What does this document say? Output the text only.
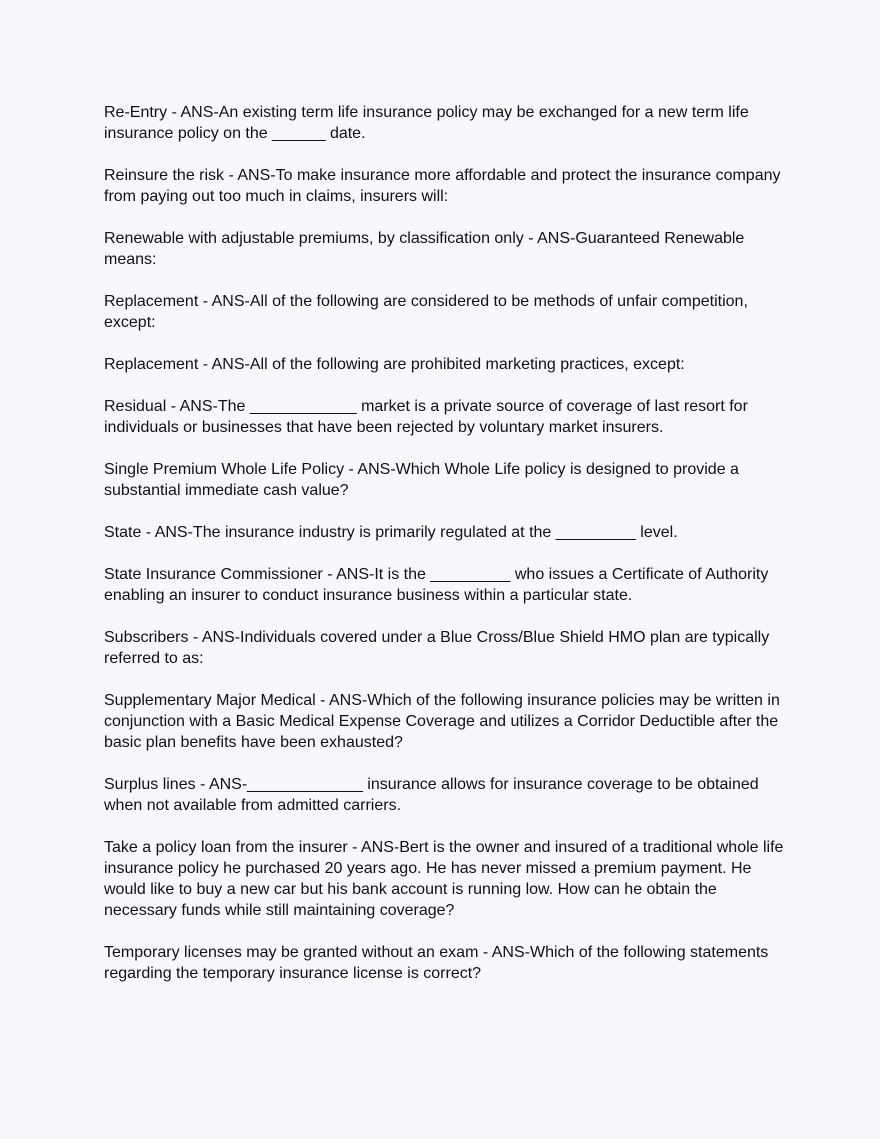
Re-Entry - ANS-An existing term life insurance policy may be exchanged for a new term life
insurance policy on the ______ date.

Reinsure the risk - ANS-To make insurance more affordable and protect the insurance company
from paying out too much in claims, insurers will:

Renewable with adjustable premiums, by classification only - ANS-Guaranteed Renewable
means:

Replacement - ANS-All of the following are considered to be methods of unfair competition,
except:

Replacement - ANS-All of the following are prohibited marketing practices, except:

Residual - ANS-The ____________ market is a private source of coverage of last resort for
individuals or businesses that have been rejected by voluntary market insurers.

Single Premium Whole Life Policy - ANS-Which Whole Life policy is designed to provide a
substantial immediate cash value?

State - ANS-The insurance industry is primarily regulated at the _________ level.

State Insurance Commissioner - ANS-It is the _________ who issues a Certificate of Authority
enabling an insurer to conduct insurance business within a particular state.

Subscribers - ANS-Individuals covered under a Blue Cross/Blue Shield HMO plan are typically
referred to as:

Supplementary Major Medical - ANS-Which of the following insurance policies may be written in
conjunction with a Basic Medical Expense Coverage and utilizes a Corridor Deductible after the
basic plan benefits have been exhausted?

Surplus lines - ANS-_____________ insurance allows for insurance coverage to be obtained
when not available from admitted carriers.

Take a policy loan from the insurer - ANS-Bert is the owner and insured of a traditional whole life
insurance policy he purchased 20 years ago. He has never missed a premium payment. He
would like to buy a new car but his bank account is running low. How can he obtain the
necessary funds while still maintaining coverage?

Temporary licenses may be granted without an exam - ANS-Which of the following statements
regarding the temporary insurance license is correct?
